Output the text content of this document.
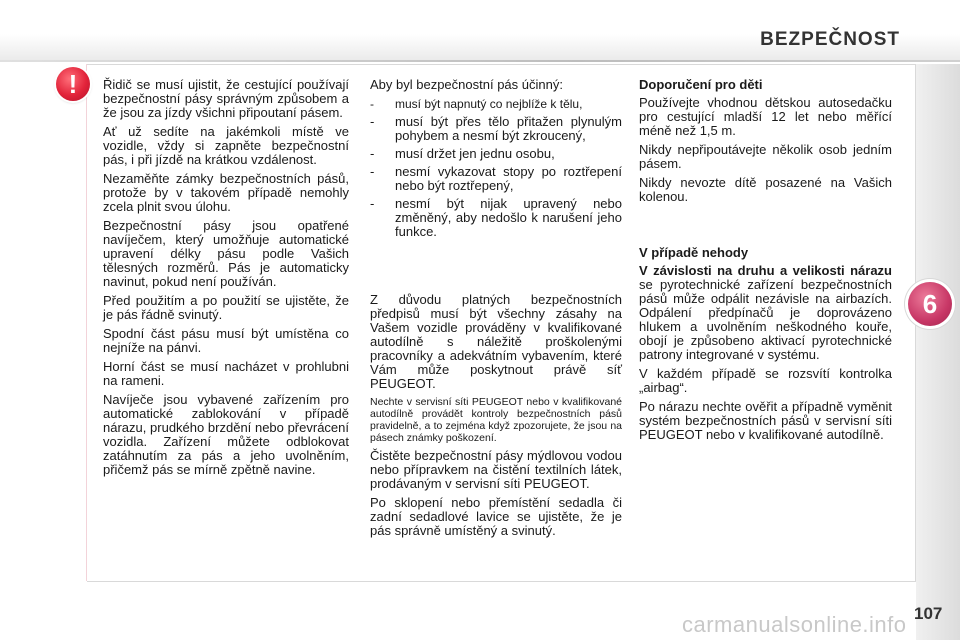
BEZPEČNOST
!
6

Řidič se musí ujistit, že cestující používají bezpečnostní pásy správným způsobem a že jsou za jízdy všichni připoutaní pásem.

Ať už sedíte na jakémkoli místě ve vozidle, vždy si zapněte bezpečnostní pás, i při jízdě na krátkou vzdálenost.

Nezaměňte zámky bezpečnostních pásů, protože by v takovém případě nemohly zcela plnit svou úlohu.

Bezpečnostní pásy jsou opatřené navíječem, který umožňuje automatické upravení délky pásu podle Vašich tělesných rozměrů. Pás je automaticky navinut, pokud není používán.

Před použitím a po použití se ujistěte, že je pás řádně svinutý.

Spodní část pásu musí být umístěna co nejníže na pánvi.

Horní část se musí nacházet v prohlubni na rameni.

Navíječe jsou vybavené zařízením pro automatické zablokování v případě nárazu, prudkého brzdění nebo převrácení vozidla. Zařízení můžete odblokovat zatáhnutím za pás a jeho uvolněním, přičemž pás se mírně zpětně navine.

Aby byl bezpečnostní pás účinný:

- musí být napnutý co nejblíže k tělu,
- musí být přes tělo přitažen plynulým pohybem a nesmí být zkroucený,
- musí držet jen jednu osobu,
- nesmí vykazovat stopy po roztřepení nebo být roztřepený,
- nesmí být nijak upravený nebo změněný, aby nedošlo k narušení jeho funkce.

Z důvodu platných bezpečnostních předpisů musí být všechny zásahy na Vašem vozidle prováděny v kvalifikované autodílně s náležitě proškolenými pracovníky a adekvátním vybavením, které Vám může poskytnout právě síť PEUGEOT.

Nechte v servisní síti PEUGEOT nebo v kvalifikované autodílně provádět kontroly bezpečnostních pásů pravidelně, a to zejména když zpozorujete, že jsou na pásech známky poškození.

Čistěte bezpečnostní pásy mýdlovou vodou nebo přípravkem na čistění textilních látek, prodávaným v servisní síti PEUGEOT.

Po sklopení nebo přemístění sedadla či zadní sedadlové lavice se ujistěte, že je pás správně umístěný a svinutý.

Doporučení pro děti

Používejte vhodnou dětskou autosedačku pro cestující mladší 12 let nebo měřící méně než 1,5 m.

Nikdy nepřipoutávejte několik osob jedním pásem.

Nikdy nevozte dítě posazené na Vašich kolenou.

V případě nehody

V závislosti na druhu a velikosti nárazu se pyrotechnické zařízení bezpečnostních pásů může odpálit nezávisle na airbazích. Odpálení předpínačů je doprovázeno hlukem a uvolněním neškodného kouře, obojí je způsobeno aktivací pyrotechnické patrony integrované v systému.

V každém případě se rozsvítí kontrolka „airbag“.

Po nárazu nechte ověřit a případně vyměnit systém bezpečnostních pásů v servisní síti PEUGEOT nebo v kvalifikované autodílně.

107
carmanualsonline.info
